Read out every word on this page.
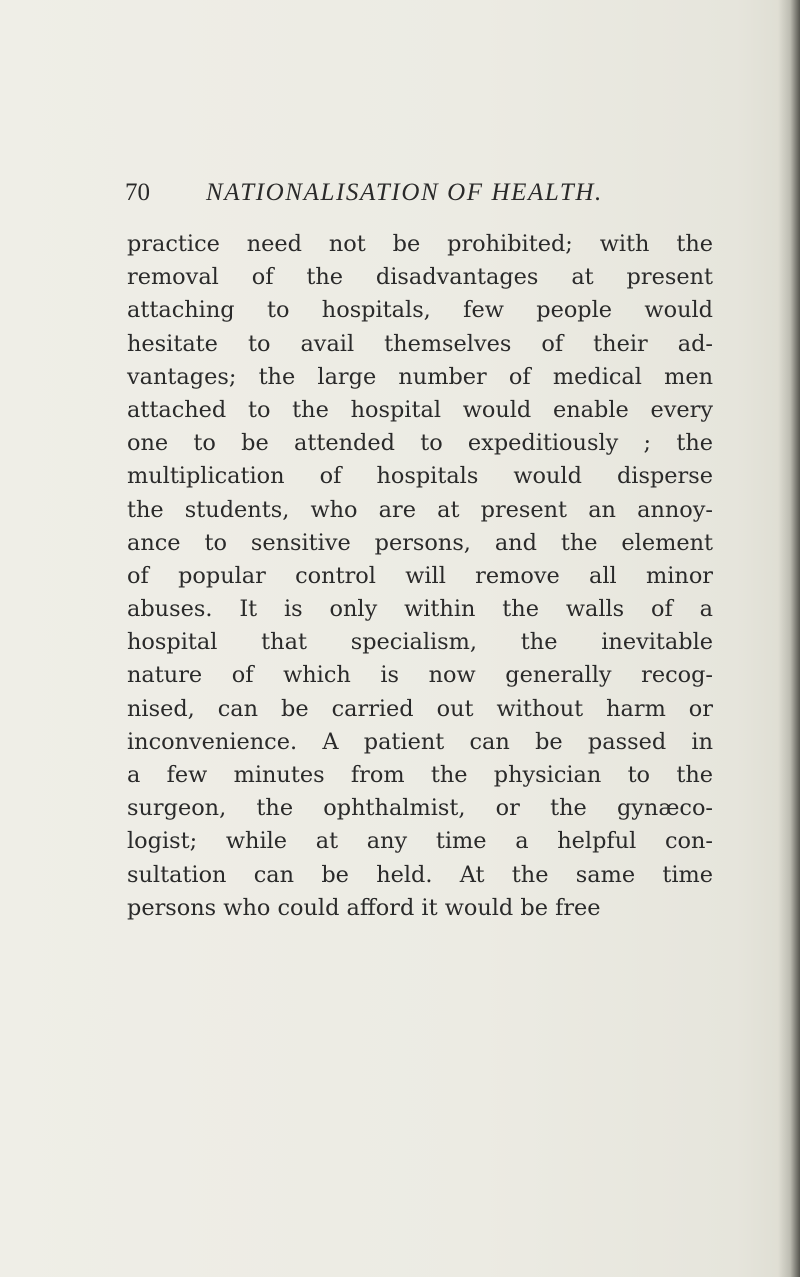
70 NATIONALISATION OF HEALTH.
practice need not be prohibited; with the
removal of the disadvantages at present
attaching to hospitals, few people would
hesitate to avail themselves of their ad-
vantages; the large number of medical men
attached to the hospital would enable every
one to be attended to expeditiously ; the
multiplication of hospitals would disperse
the students, who are at present an annoy-
ance to sensitive persons, and the element
of popular control will remove all minor
abuses. It is only within the walls of a
hospital that specialism, the inevitable
nature of which is now generally recog-
nised, can be carried out without harm or
inconvenience. A patient can be passed in
a few minutes from the physician to the
surgeon, the ophthalmist, or the gynæco-
logist; while at any time a helpful con-
sultation can be held. At the same time
persons who could afford it would be free
